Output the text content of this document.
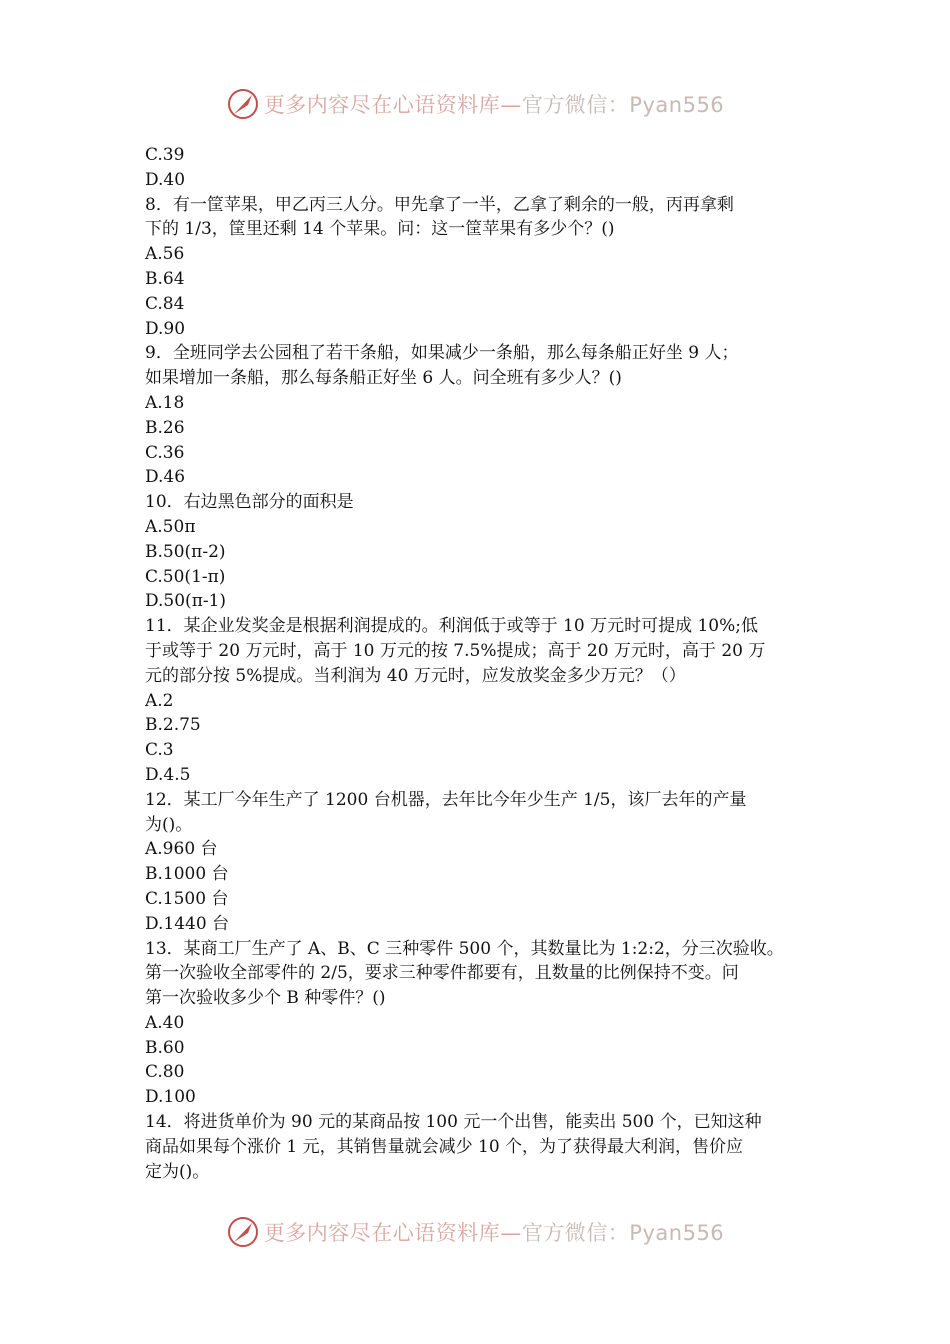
更多内容尽在心语资料库—官方微信：Pyan556
C.39
D.40
8．有一筐苹果，甲乙丙三人分。甲先拿了一半，乙拿了剩余的一般，丙再拿剩
下的 1/3，筐里还剩 14 个苹果。问：这一筐苹果有多少个？()
A.56
B.64
C.84
D.90
9．全班同学去公园租了若干条船，如果减少一条船，那么每条船正好坐 9 人；
如果增加一条船，那么每条船正好坐 6 人。问全班有多少人？()
A.18
B.26
C.36
D.46
10．右边黑色部分的面积是
A.50π
B.50(π-2)
C.50(1-π)
D.50(π-1)
11．某企业发奖金是根据利润提成的。利润低于或等于 10 万元时可提成 10%;低
于或等于 20 万元时，高于 10 万元的按 7.5%提成；高于 20 万元时，高于 20 万
元的部分按 5%提成。当利润为 40 万元时，应发放奖金多少万元？（）
A.2
B.2.75
C.3
D.4.5
12．某工厂今年生产了 1200 台机器，去年比今年少生产 1/5，该厂去年的产量
为()。
A.960 台
B.1000 台
C.1500 台
D.1440 台
13．某商工厂生产了 A、B、C 三种零件 500 个，其数量比为 1:2:2，分三次验收。
第一次验收全部零件的 2/5，要求三种零件都要有，且数量的比例保持不变。问
第一次验收多少个 B 种零件？()
A.40
B.60
C.80
D.100
14．将进货单价为 90 元的某商品按 100 元一个出售，能卖出 500 个，已知这种
商品如果每个涨价 1 元，其销售量就会减少 10 个，为了获得最大利润，售价应
定为()。
更多内容尽在心语资料库—官方微信：Pyan556
